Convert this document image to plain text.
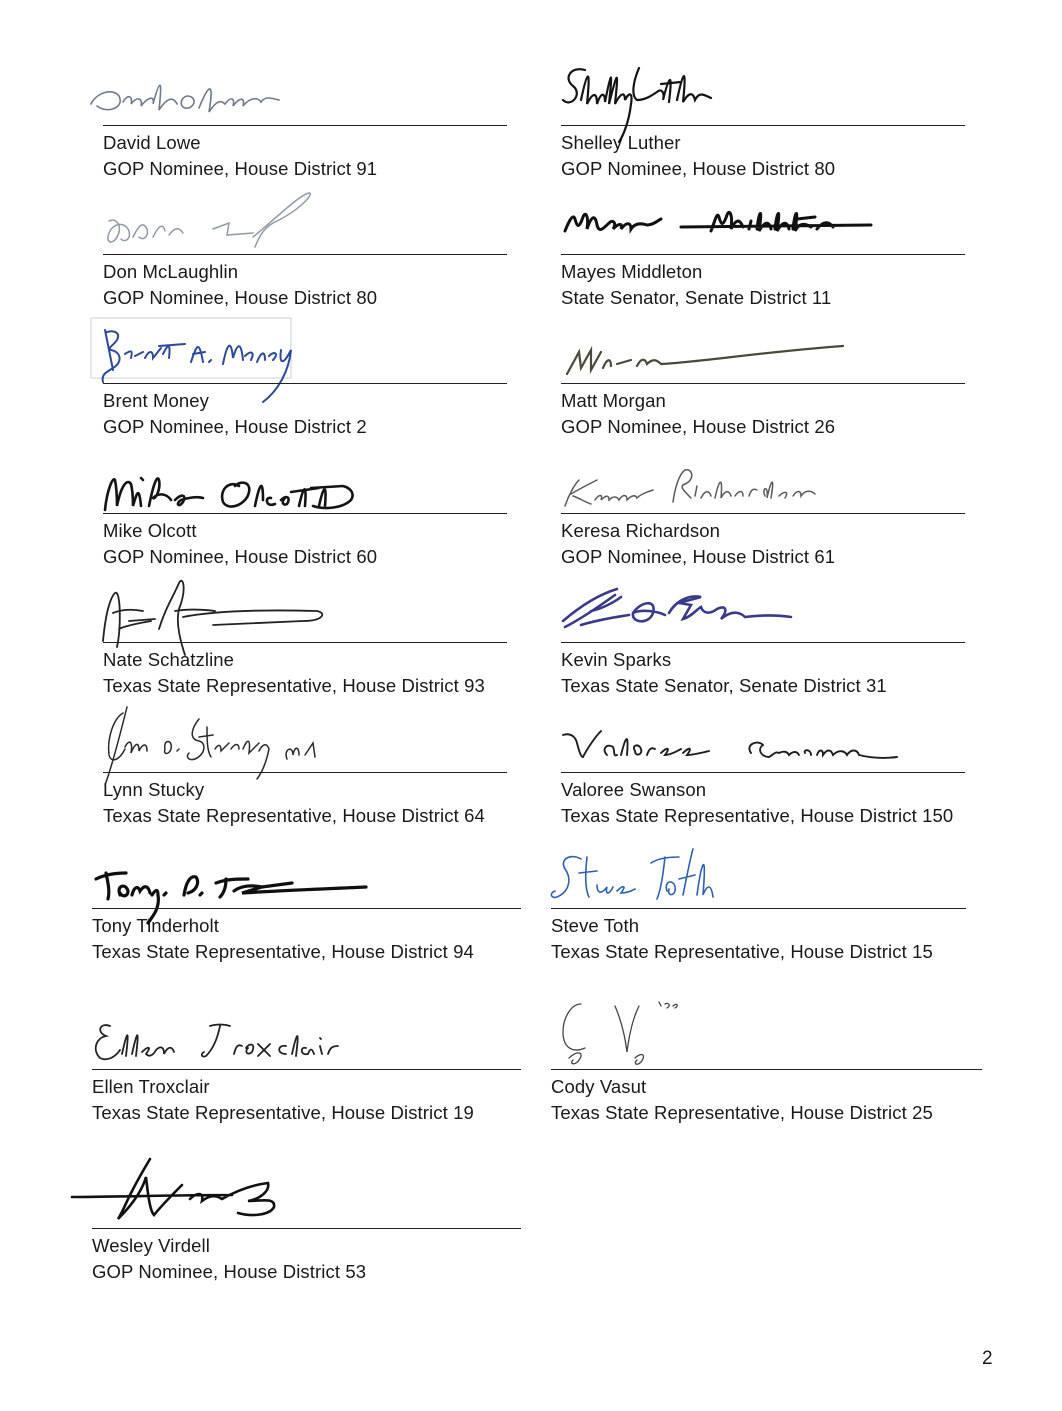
David Lowe
GOP Nominee, House District 91
Shelley Luther
GOP Nominee, House District 80
Don McLaughlin
GOP Nominee, House District 80
Mayes Middleton
State Senator, Senate District 11
Brent Money
GOP Nominee, House District 2
Matt Morgan
GOP Nominee, House District 26
Mike Olcott
GOP Nominee, House District 60
Keresa Richardson
GOP Nominee, House District 61
Nate Schatzline
Texas State Representative, House District 93
Kevin Sparks
Texas State Senator, Senate District 31
Lynn Stucky
Texas State Representative, House District 64
Valoree Swanson
Texas State Representative, House District 150
Tony Tinderholt
Texas State Representative, House District 94
Steve Toth
Texas State Representative, House District 15
Ellen Troxclair
Texas State Representative, House District 19
Cody Vasut
Texas State Representative, House District 25
Wesley Virdell
GOP Nominee, House District 53
2
